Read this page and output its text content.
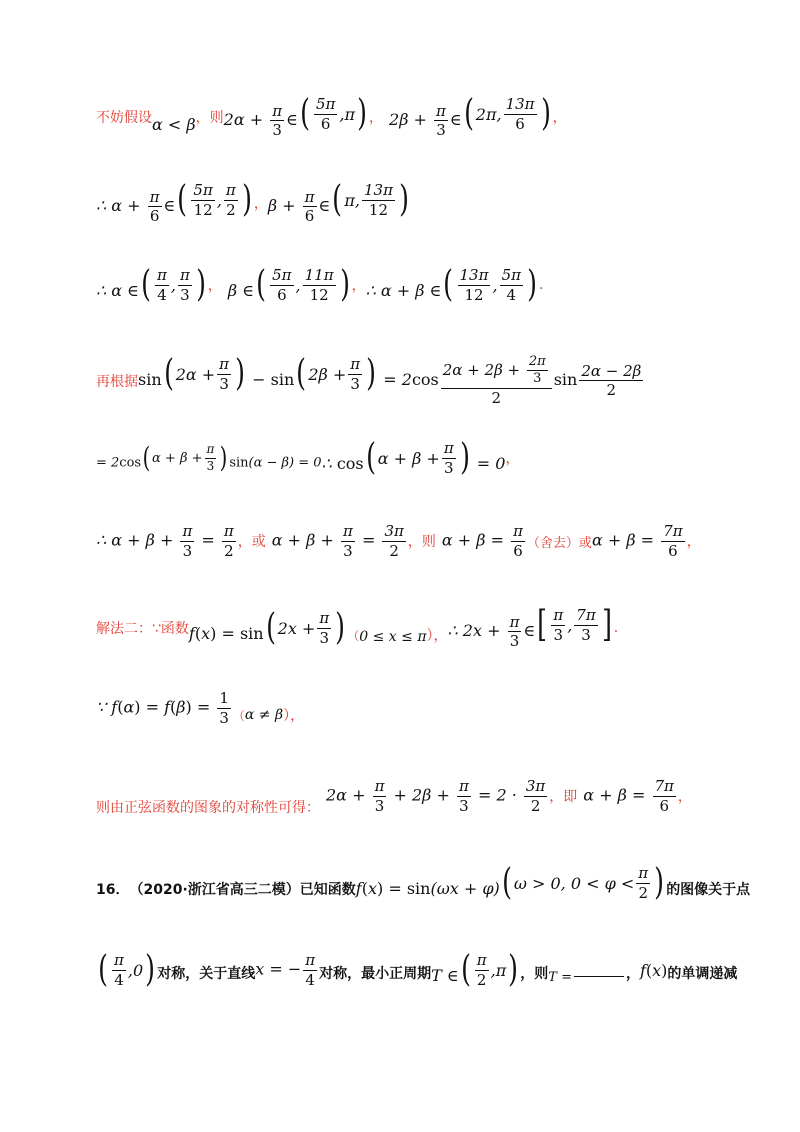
不妨假设 α < β ，则 $2\alpha + \frac{\pi}{3}$ ∈ ( $\frac{5\pi}{6} ,\pi$ ) ， $2\beta + \frac{\pi}{3}$ ∈ ( 2π, $\frac{13\pi}{6}$ ) ，
∴ $\alpha + \frac{\pi}{6}$ ∈ ( $\frac{5\pi}{12}$ , $\frac{\pi}{2}$ ) ， $\beta + \frac{\pi}{6}$ ∈ ( π, $\frac{13\pi}{12}$ )
∴ α ∈ ( $\frac{\pi}{4}$ , $\frac{\pi}{3}$ ) ， β ∈ ( $\frac{5\pi}{6}$ , $\frac{11\pi}{12}$ ) ， ∴ α + β ∈ ( $\frac{13\pi}{12}$ , $\frac{5\pi}{4}$ ) .
再根据 sin ( $2\alpha + \frac{\pi}{3}$ ) − sin ( $2\beta + \frac{\pi}{3}$ ) = $2\cos \frac{2\alpha + 2\beta + \frac{2\pi}{3}}{2}$ $\sin \frac{2\alpha - 2\beta}{2}$
= 2cos ( $\alpha + \beta + \frac{\pi}{3}$ ) sin(α − β) = 0 ∴ cos ( $\alpha + \beta + \frac{\pi}{3}$ ) = 0 ，
∴ $\alpha + \beta + \frac{\pi}{3} = \frac{\pi}{2}$ ，或 $\alpha + \beta + \frac{\pi}{3} = \frac{3\pi}{2}$ ，则 $\alpha + \beta = \frac{\pi}{6}$ （舍去）或 $\alpha + \beta = \frac{7\pi}{6}$ ，
解法二：∵函数 f(x) = sin ( $2x + \frac{\pi}{3}$ ) （ 0 ≤ x ≤ π ）， ∴ $2x + \frac{\pi}{3}$ ∈ [ $\frac{\pi}{3}$ , $\frac{7\pi}{3}$ ] .
∵ $f(\alpha) = f(\beta) = \frac{1}{3}$ （ α ≠ β ），
则由正弦函数的图象的对称性可得：
$2\alpha + \frac{\pi}{3} + 2\beta + \frac{\pi}{3} = 2 \cdot \frac{3\pi}{2}$ ，即 $\alpha + \beta = \frac{7\pi}{6}$ ，
16． （2020·浙江省高三二模）已知函数 f(x) = sin(ωx + φ) ( ω > 0, $0 < \varphi < \frac{\pi}{2}$ ) 的图像关于点
( $\frac{\pi}{4} ,0$ ) 对称，关于直线 x = − $\frac{\pi}{4}$ 对称，最小正周期 T ∈ ( $\frac{\pi}{2} ,\pi$ ) ，则 T =	， f(x) 的单调递减
